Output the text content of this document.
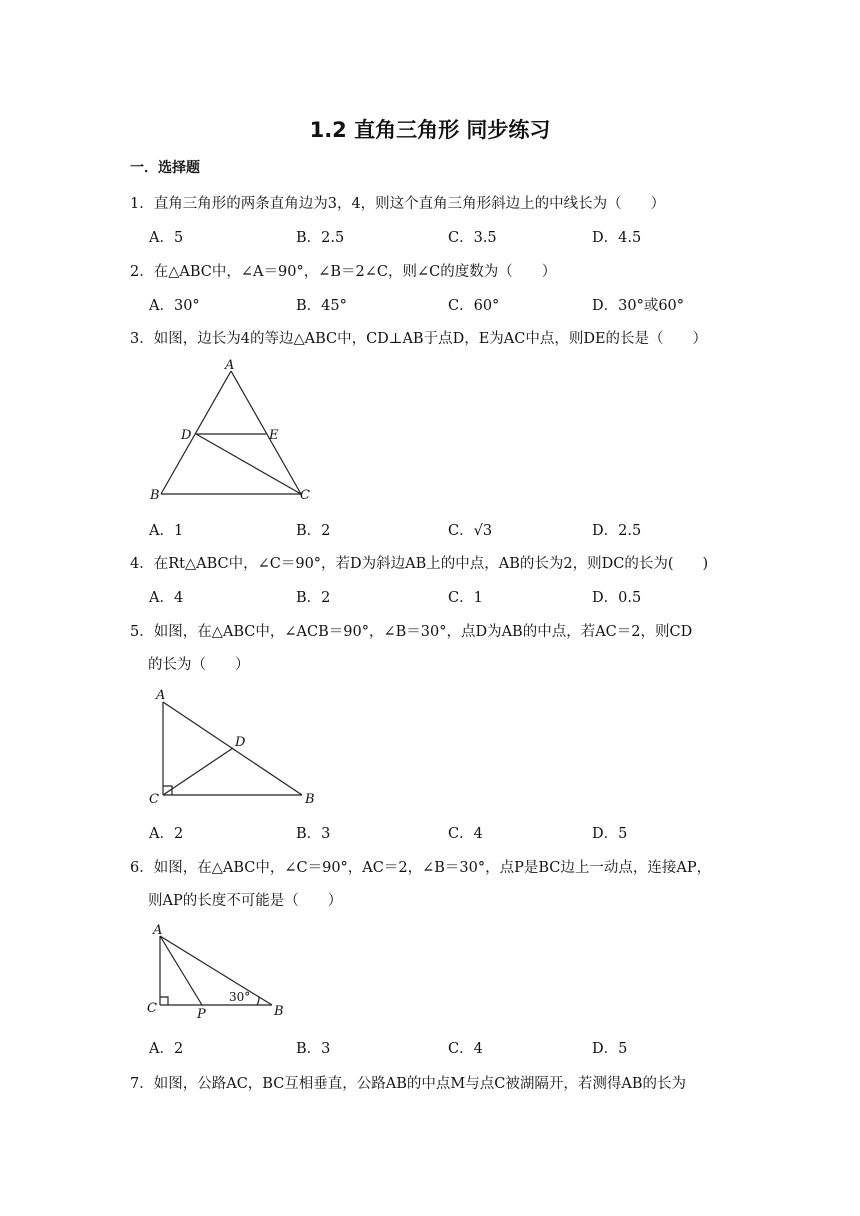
1.2 直角三角形 同步练习
一．选择题
1．直角三角形的两条直角边为3，4，则这个直角三角形斜边上的中线长为（　　）
A．5	B．2.5	C．3.5	D．4.5
2．在△ABC中，∠A＝90°，∠B＝2∠C，则∠C的度数为（　　）
A．30°	B．45°	C．60°	D．30°或60°
3．如图，边长为4的等边△ABC中，CD⊥AB于点D，E为AC中点，则DE的长是（　　）
A
D	E
B	C
A．1	B．2	C．√3	D．2.5
4．在Rt△ABC中，∠C＝90°，若D为斜边AB上的中点，AB的长为2，则DC的长为(　　)
A．4	B．2	C．1	D．0.5
5．如图，在△ABC中，∠ACB＝90°，∠B＝30°，点D为AB的中点，若AC＝2，则CD
的长为（　　）
A
D
C	B
A．2	B．3	C．4	D．5
6．如图，在△ABC中，∠C＝90°，AC＝2，∠B＝30°，点P是BC边上一动点，连接AP，
则AP的长度不可能是（　　）
A
C	P
30°
B
A．2	B．3	C．4	D．5
7．如图，公路AC，BC互相垂直，公路AB的中点M与点C被湖隔开，若测得AB的长为
